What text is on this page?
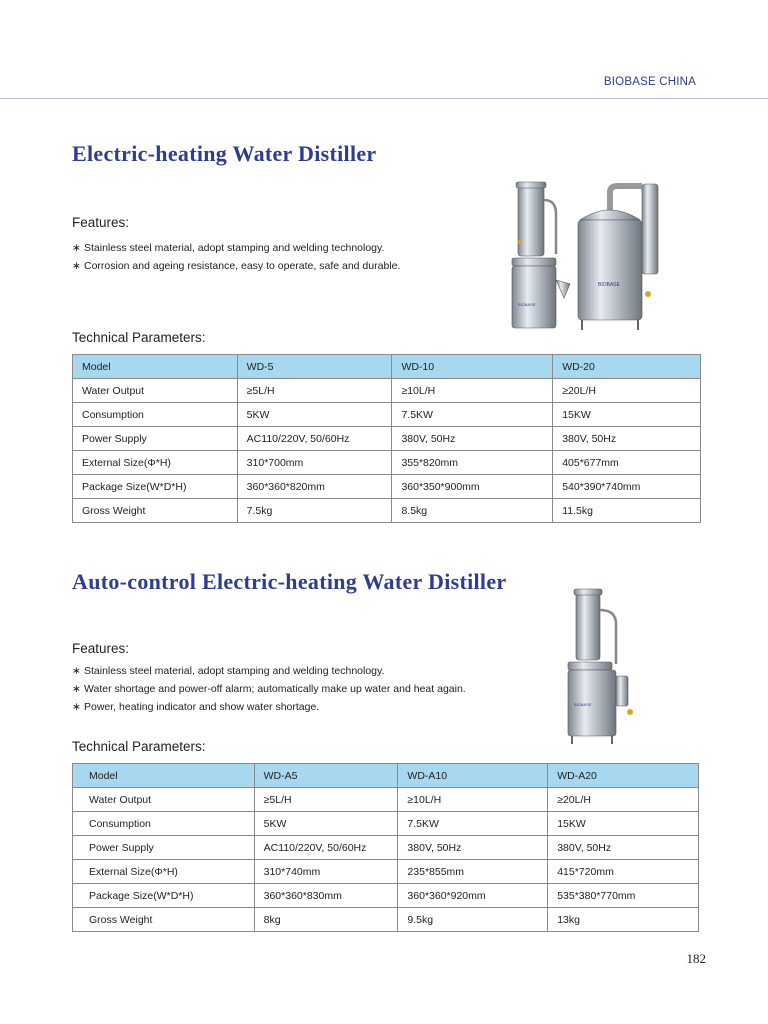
BIOBASE CHINA
Electric-heating Water Distiller
Features:
∗ Stainless steel material, adopt stamping and welding technology.
∗ Corrosion and ageing resistance, easy to operate, safe and durable.
BIOBASE
BIOBASE
Technical Parameters:
Model	WD-5	WD-10	WD-20
Water Output	≥5L/H	≥10L/H	≥20L/H
Consumption	5KW	7.5KW	15KW
Power Supply	AC110/220V, 50/60Hz	380V, 50Hz	380V, 50Hz
External Size(Φ*H)	310*700mm	355*820mm	405*677mm
Package Size(W*D*H)	360*360*820mm	360*350*900mm	540*390*740mm
Gross Weight	7.5kg	8.5kg	11.5kg
Auto-control Electric-heating Water Distiller
Features:
∗ Stainless steel material, adopt stamping and welding technology.
∗ Water shortage and power-off alarm; automatically make up water and heat again.
∗ Power, heating indicator and show water shortage.	BIOBASE
Technical Parameters:
Model	WD-A5	WD-A10	WD-A20
Water Output	≥5L/H	≥10L/H	≥20L/H
Consumption	5KW	7.5KW	15KW
Power Supply	AC110/220V, 50/60Hz	380V, 50Hz	380V, 50Hz
External Size(Φ*H)	310*740mm	235*855mm	415*720mm
Package Size(W*D*H)	360*360*830mm	360*360*920mm	535*380*770mm
Gross Weight	8kg	9.5kg	13kg
182
